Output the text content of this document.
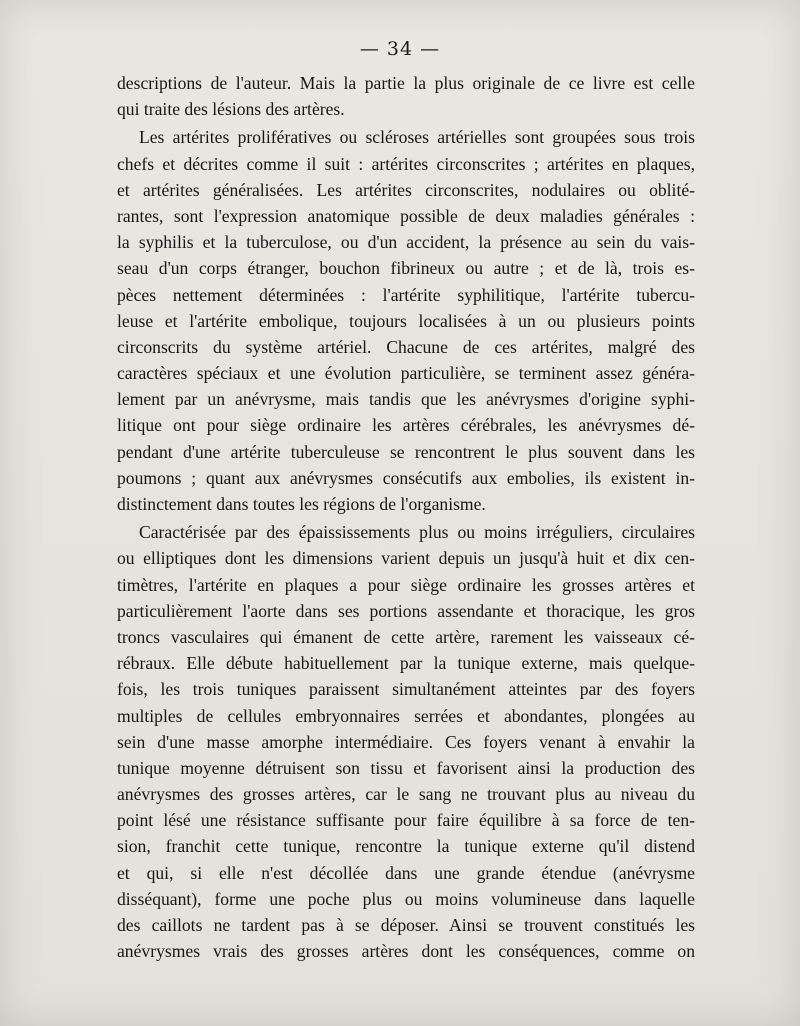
— 34 —

descriptions de l'auteur. Mais la partie la plus originale de ce livre est celle
qui traite des lésions des artères.

Les artérites prolifératives ou scléroses artérielles sont groupées sous trois
chefs et décrites comme il suit : artérites circonscrites ; artérites en plaques,
et artérites généralisées. Les artérites circonscrites, nodulaires ou oblité-
rantes, sont l'expression anatomique possible de deux maladies générales :
la syphilis et la tuberculose, ou d'un accident, la présence au sein du vais-
seau d'un corps étranger, bouchon fibrineux ou autre ; et de là, trois es-
pèces nettement déterminées : l'artérite syphilitique, l'artérite tubercu-
leuse et l'artérite embolique, toujours localisées à un ou plusieurs points
circonscrits du système artériel. Chacune de ces artérites, malgré des
caractères spéciaux et une évolution particulière, se terminent assez généra-
lement par un anévrysme, mais tandis que les anévrysmes d'origine syphi-
litique ont pour siège ordinaire les artères cérébrales, les anévrysmes dé-
pendant d'une artérite tuberculeuse se rencontrent le plus souvent dans les
poumons ; quant aux anévrysmes consécutifs aux embolies, ils existent in-
distinctement dans toutes les régions de l'organisme.

Caractérisée par des épaississements plus ou moins irréguliers, circulaires
ou elliptiques dont les dimensions varient depuis un jusqu'à huit et dix cen-
timètres, l'artérite en plaques a pour siège ordinaire les grosses artères et
particulièrement l'aorte dans ses portions assendante et thoracique, les gros
troncs vasculaires qui émanent de cette artère, rarement les vaisseaux cé-
rébraux. Elle débute habituellement par la tunique externe, mais quelque-
fois, les trois tuniques paraissent simultanément atteintes par des foyers
multiples de cellules embryonnaires serrées et abondantes, plongées au
sein d'une masse amorphe intermédiaire. Ces foyers venant à envahir la
tunique moyenne détruisent son tissu et favorisent ainsi la production des
anévrysmes des grosses artères, car le sang ne trouvant plus au niveau du
point lésé une résistance suffisante pour faire équilibre à sa force de ten-
sion, franchit cette tunique, rencontre la tunique externe qu'il distend
et qui, si elle n'est décollée dans une grande étendue (anévrysme
disséquant), forme une poche plus ou moins volumineuse dans laquelle
des caillots ne tardent pas à se déposer. Ainsi se trouvent constitués les
anévrysmes vrais des grosses artères dont les conséquences, comme on
